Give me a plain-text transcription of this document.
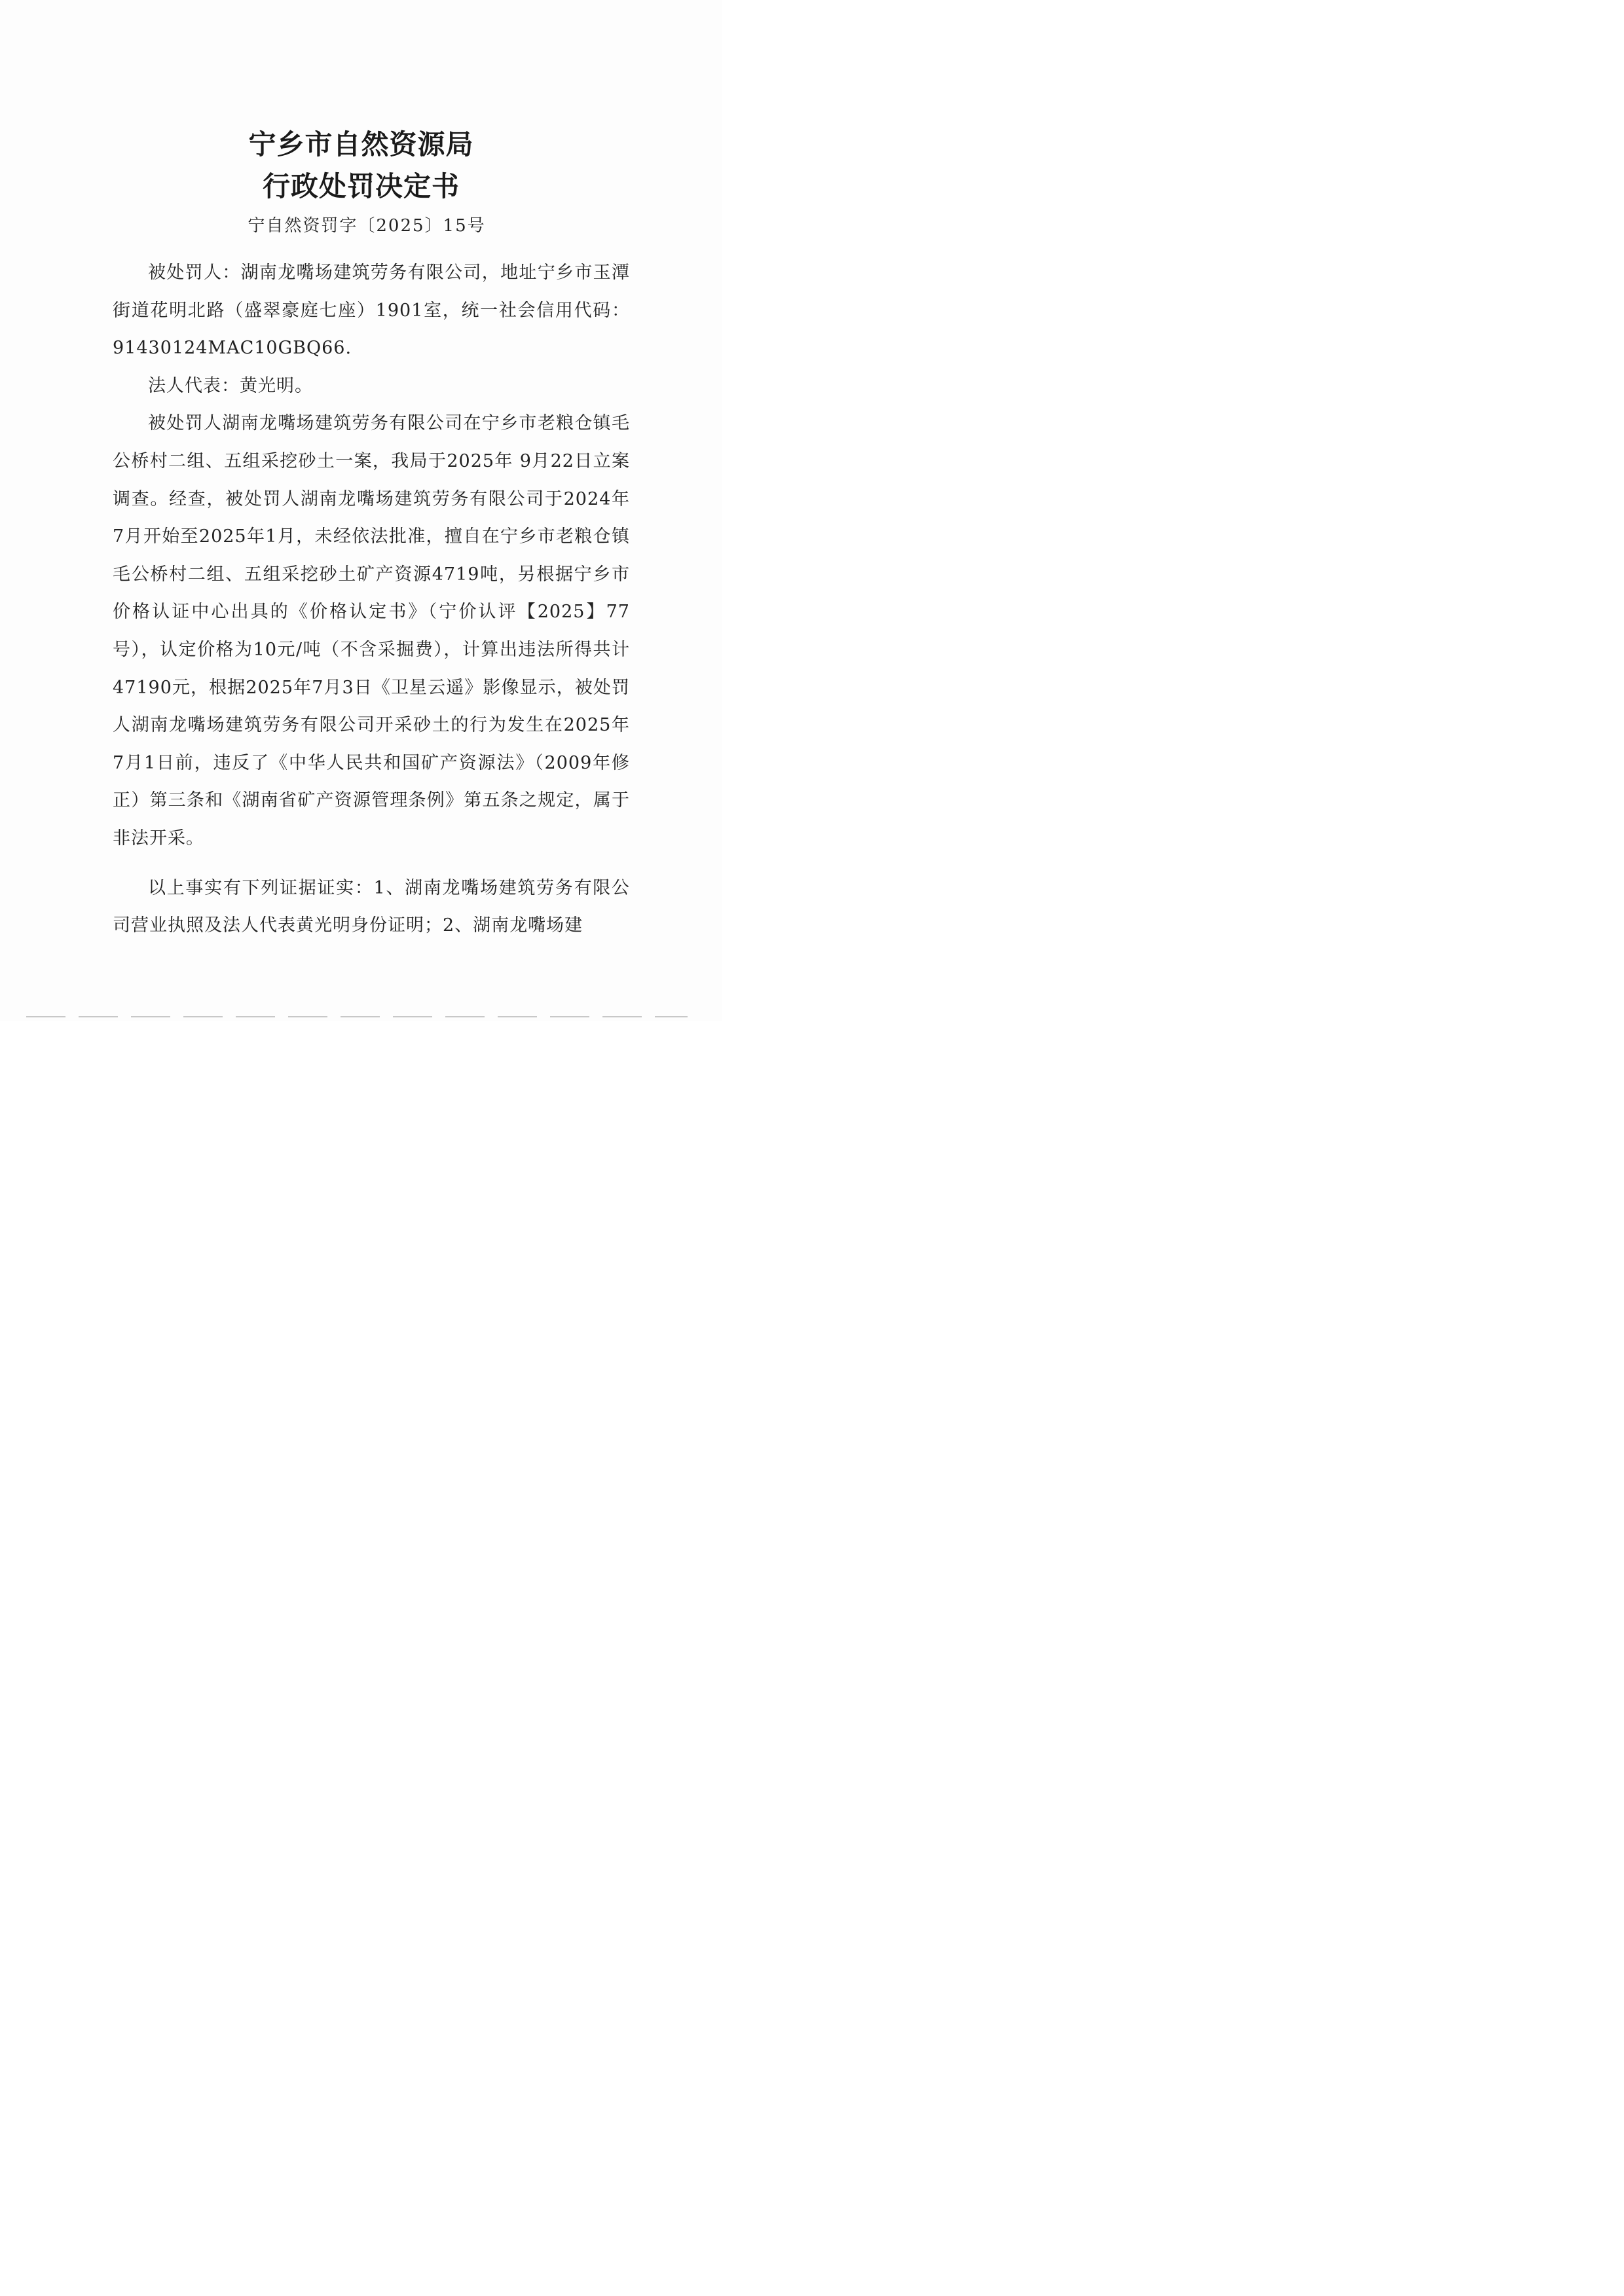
宁乡市自然资源局
行政处罚决定书
宁自然资罚字〔2025〕15号

被处罚人：湖南龙嘴场建筑劳务有限公司，地址宁乡市玉潭街道花明北路（盛翠豪庭七座）1901室，统一社会信用代码：91430124MAC10GBQ66.

法人代表：黄光明。

被处罚人湖南龙嘴场建筑劳务有限公司在宁乡市老粮仓镇毛公桥村二组、五组采挖砂土一案，我局于2025年 9月22日立案调查。经查，被处罚人湖南龙嘴场建筑劳务有限公司于2024年7月开始至2025年1月，未经依法批准，擅自在宁乡市老粮仓镇毛公桥村二组、五组采挖砂土矿产资源4719吨，另根据宁乡市价格认证中心出具的《价格认定书》（宁价认评【2025】77号），认定价格为10元/吨（不含采掘费），计算出违法所得共计47190元，根据2025年7月3日《卫星云遥》影像显示，被处罚人湖南龙嘴场建筑劳务有限公司开采砂土的行为发生在2025年7月1日前，违反了《中华人民共和国矿产资源法》（2009年修正）第三条和《湖南省矿产资源管理条例》第五条之规定，属于非法开采。

以上事实有下列证据证实：1、湖南龙嘴场建筑劳务有限公司营业执照及法人代表黄光明身份证明；2、湖南龙嘴场建
